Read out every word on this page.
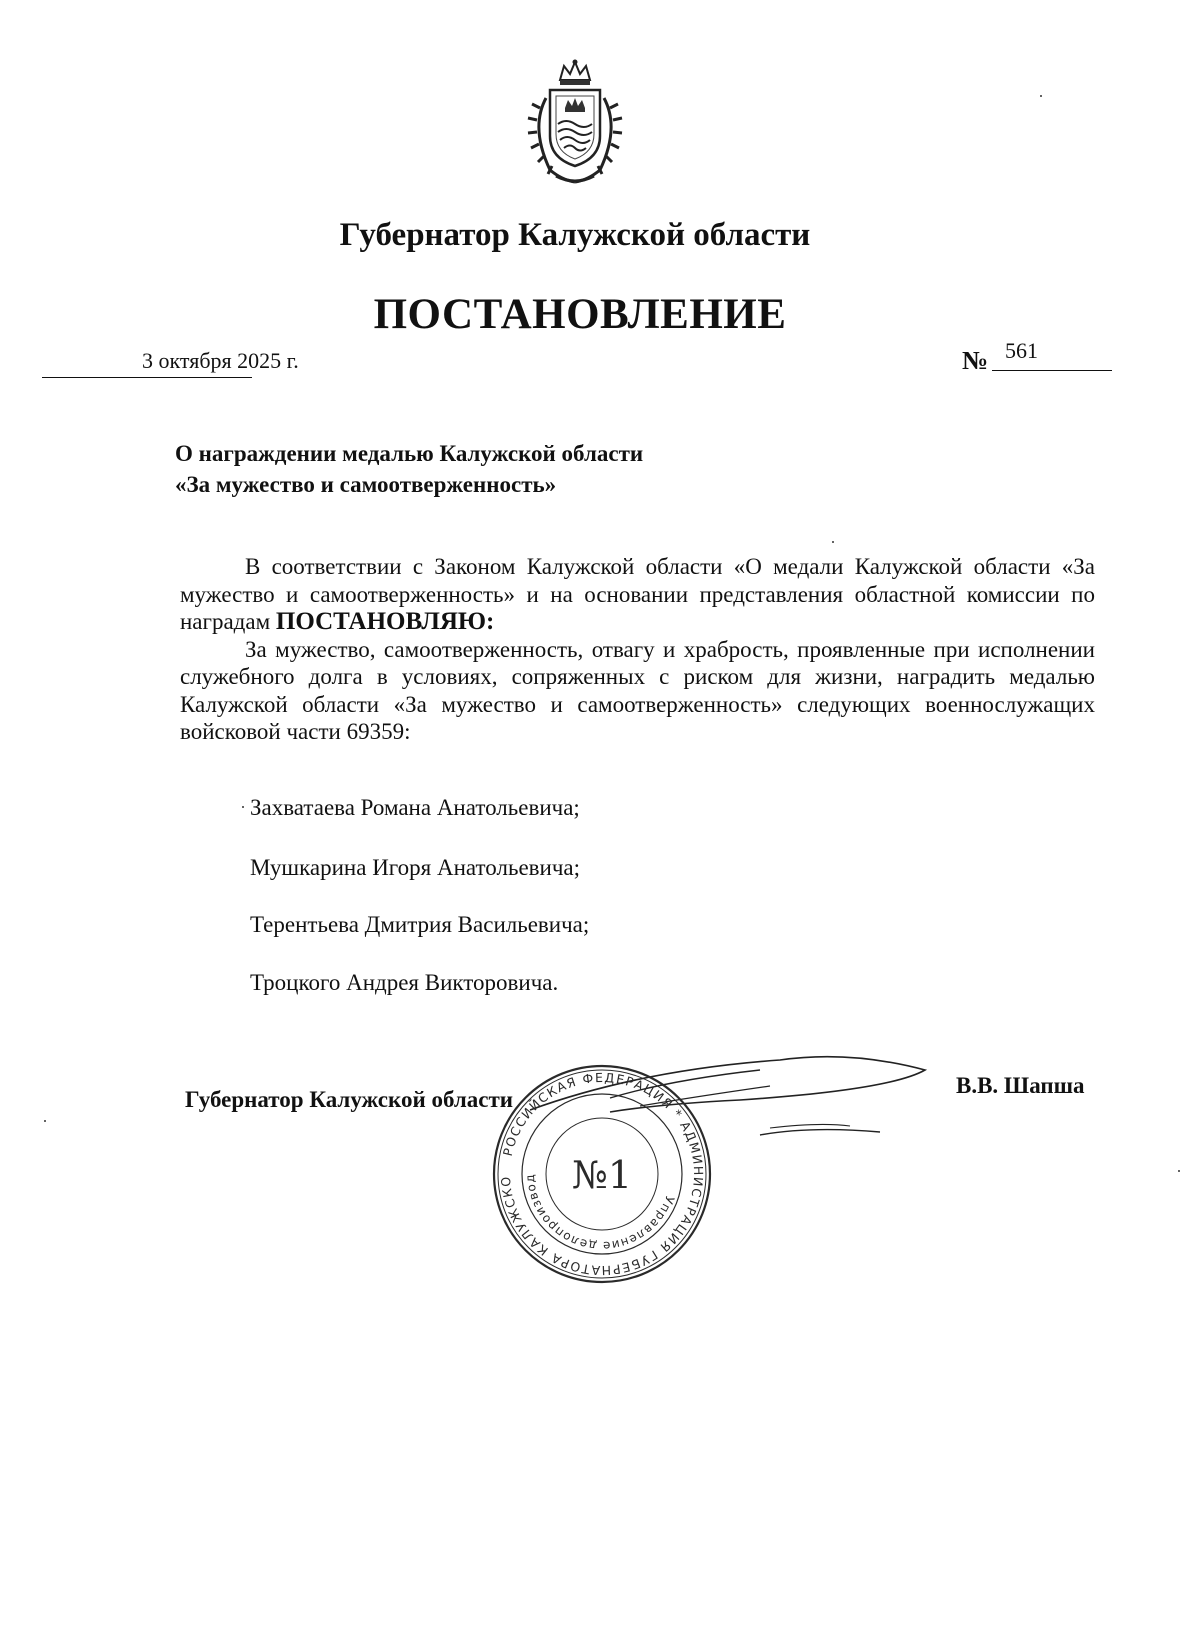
Губернатор Калужской области
ПОСТАНОВЛЕНИЕ
3 октября 2025 г.	№ 561
О награждении медалью Калужской области
«За мужество и самоотверженность»

В соответствии с Законом Калужской области «О медали Калужской области «За мужество и самоотверженность» и на основании представления областной комиссии по наградам ПОСТАНОВЛЯЮ:

За мужество, самоотверженность, отвагу и храбрость, проявленные при исполнении служебного долга в условиях, сопряженных с риском для жизни, наградить медалью Калужской области «За мужество и самоотверженность» следующих военнослужащих войсковой части 69359:

Захватаева Романа Анатольевича;
Мушкарина Игоря Анатольевича;
Терентьева Дмитрия Васильевича;
Троцкого Андрея Викторовича.
Губернатор Калужской области
В.В. Шапша
РОССИЙСКАЯ ФЕДЕРАЦИЯ * АДМИНИСТРАЦИЯ ГУБЕРНАТОРА КАЛУЖСКО
Управление делопроизвод №1
